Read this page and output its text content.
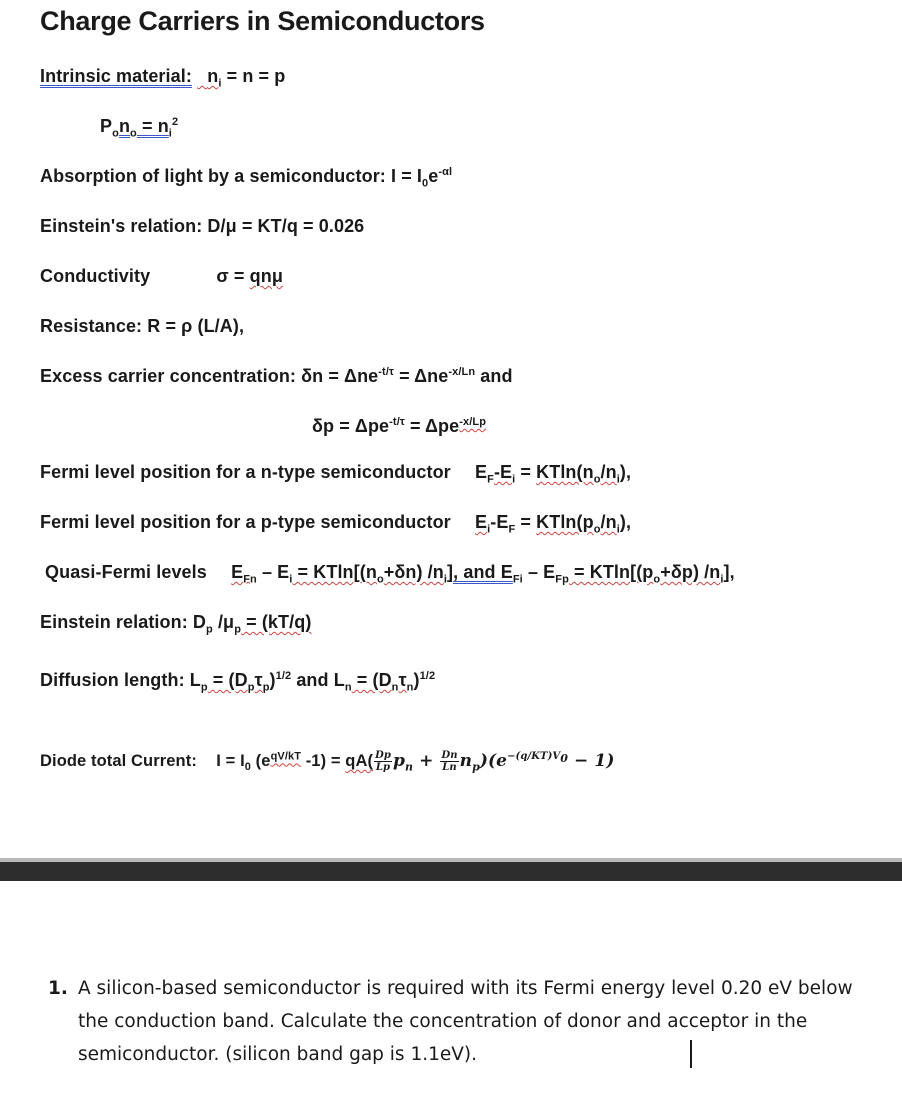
Charge Carriers in Semiconductors
Intrinsic material: $n_i = n = p$
$P_on_o = n_i^2$
Absorption of light by a semiconductor: $I = I_0e^{-\alpha l}$
Einstein's relation: D/μ = KT/q = 0.026
Conductivity	σ = qnμ
Resistance: R = ρ (L/A),
Excess carrier concentration: δn = Δne$^{-t/\tau}$ = Δne$^{-x/Ln}$ and
δp = Δpe$^{-t/\tau}$ = Δpe$^{-x/Lp}$
Fermi level position for a n-type semiconductor $E_F-E_i = KTln(n_o/n_i)$,
Fermi level position for a p-type semiconductor $E_i-E_F = KTln(p_o/n_i)$,
Quasi-Fermi levels $E_{Fn} - E_i = KTln[(n_o+\delta n)$ $/n_i$], and $E_{Fi} - E_{Fp} = KTln[(p_o+\delta p)$ $/n_i$],
Einstein relation: $D_p$ $/\mu_p = (kT/q)$
Diffusion length: $L_p = (D_p\tau_p)^{1/2}$ and $L_n = (D_n\tau_n)^{1/2}$
Diode total Current: $I = I_0$ ($e^{qV/kT}$ $-1) = qA( \frac{Dp}{Lp} p_n + \frac{Dn}{Ln} n_p)(e^{-(q/KT)V_0} - 1)$
1. A silicon-based semiconductor is required with its Fermi energy level 0.20 eV below the conduction band. Calculate the concentration of donor and acceptor in the semiconductor. (silicon band gap is 1.1eV).
